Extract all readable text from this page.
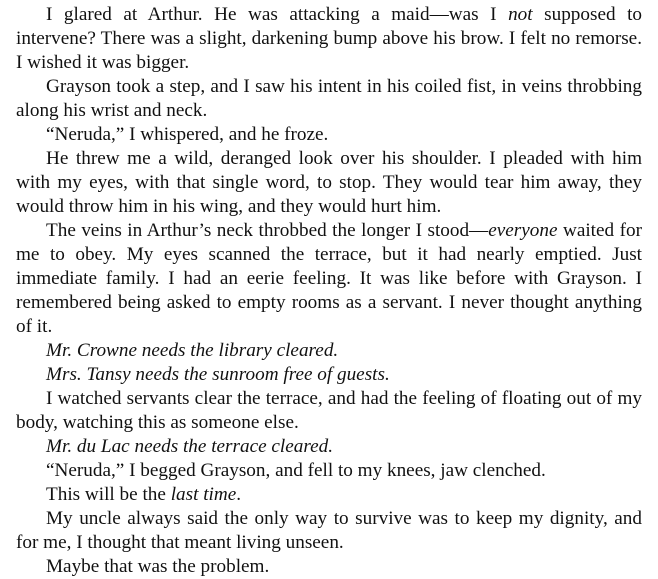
I glared at Arthur. He was attacking a maid—was I not supposed to intervene? There was a slight, darkening bump above his brow. I felt no remorse. I wished it was bigger.

Grayson took a step, and I saw his intent in his coiled fist, in veins throbbing along his wrist and neck.

“Neruda,” I whispered, and he froze.

He threw me a wild, deranged look over his shoulder. I pleaded with him with my eyes, with that single word, to stop. They would tear him away, they would throw him in his wing, and they would hurt him.

The veins in Arthur’s neck throbbed the longer I stood—everyone waited for me to obey. My eyes scanned the terrace, but it had nearly emptied. Just immediate family. I had an eerie feeling. It was like before with Grayson. I remembered being asked to empty rooms as a servant. I never thought anything of it.

Mr. Crowne needs the library cleared.

Mrs. Tansy needs the sunroom free of guests.

I watched servants clear the terrace, and had the feeling of floating out of my body, watching this as someone else.

Mr. du Lac needs the terrace cleared.

“Neruda,” I begged Grayson, and fell to my knees, jaw clenched.

This will be the last time.

My uncle always said the only way to survive was to keep my dignity, and for me, I thought that meant living unseen.

Maybe that was the problem.
